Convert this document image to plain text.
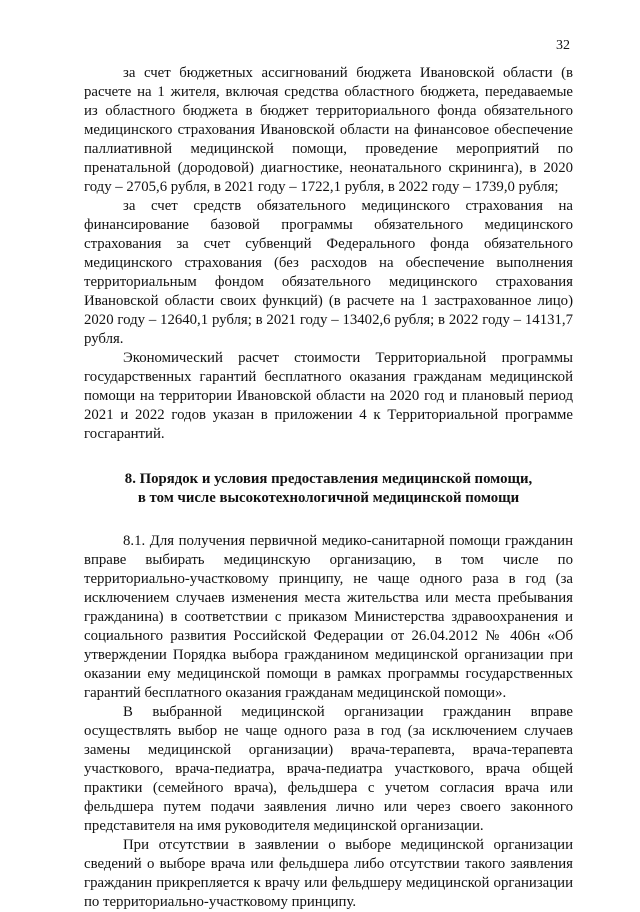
32

за счет бюджетных ассигнований бюджета Ивановской области (в расчете на 1 жителя, включая средства областного бюджета, передаваемые из областного бюджета в бюджет территориального фонда обязательного медицинского страхования Ивановской области на финансовое обеспечение паллиативной медицинской помощи, проведение мероприятий по пренатальной (дородовой) диагностике, неонатального скрининга), в 2020 году – 2705,6 рубля, в 2021 году – 1722,1 рубля, в 2022 году – 1739,0 рубля;

за счет средств обязательного медицинского страхования на финансирование базовой программы обязательного медицинского страхования за счет субвенций Федерального фонда обязательного медицинского страхования (без расходов на обеспечение выполнения территориальным фондом обязательного медицинского страхования Ивановской области своих функций) (в расчете на 1 застрахованное лицо) 2020 году – 12640,1 рубля; в 2021 году – 13402,6 рубля; в 2022 году – 14131,7 рубля.

Экономический расчет стоимости Территориальной программы государственных гарантий бесплатного оказания гражданам медицинской помощи на территории Ивановской области на 2020 год и плановый период 2021 и 2022 годов указан в приложении 4 к Территориальной программе госгарантий.

8. Порядок и условия предоставления медицинской помощи,
в том числе высокотехнологичной медицинской помощи

8.1. Для получения первичной медико-санитарной помощи гражданин вправе выбирать медицинскую организацию, в том числе по территориально-участковому принципу, не чаще одного раза в год (за исключением случаев изменения места жительства или места пребывания гражданина) в соответствии с приказом Министерства здравоохранения и социального развития Российской Федерации от 26.04.2012 № 406н «Об утверждении Порядка выбора гражданином медицинской организации при оказании ему медицинской помощи в рамках программы государственных гарантий бесплатного оказания гражданам медицинской помощи».

В выбранной медицинской организации гражданин вправе осуществлять выбор не чаще одного раза в год (за исключением случаев замены медицинской организации) врача-терапевта, врача-терапевта участкового, врача-педиатра, врача-педиатра участкового, врача общей практики (семейного врача), фельдшера с учетом согласия врача или фельдшера путем подачи заявления лично или через своего законного представителя на имя руководителя медицинской организации.

При отсутствии в заявлении о выборе медицинской организации сведений о выборе врача или фельдшера либо отсутствии такого заявления гражданин прикрепляется к врачу или фельдшеру медицинской организации по территориально-участковому принципу.
